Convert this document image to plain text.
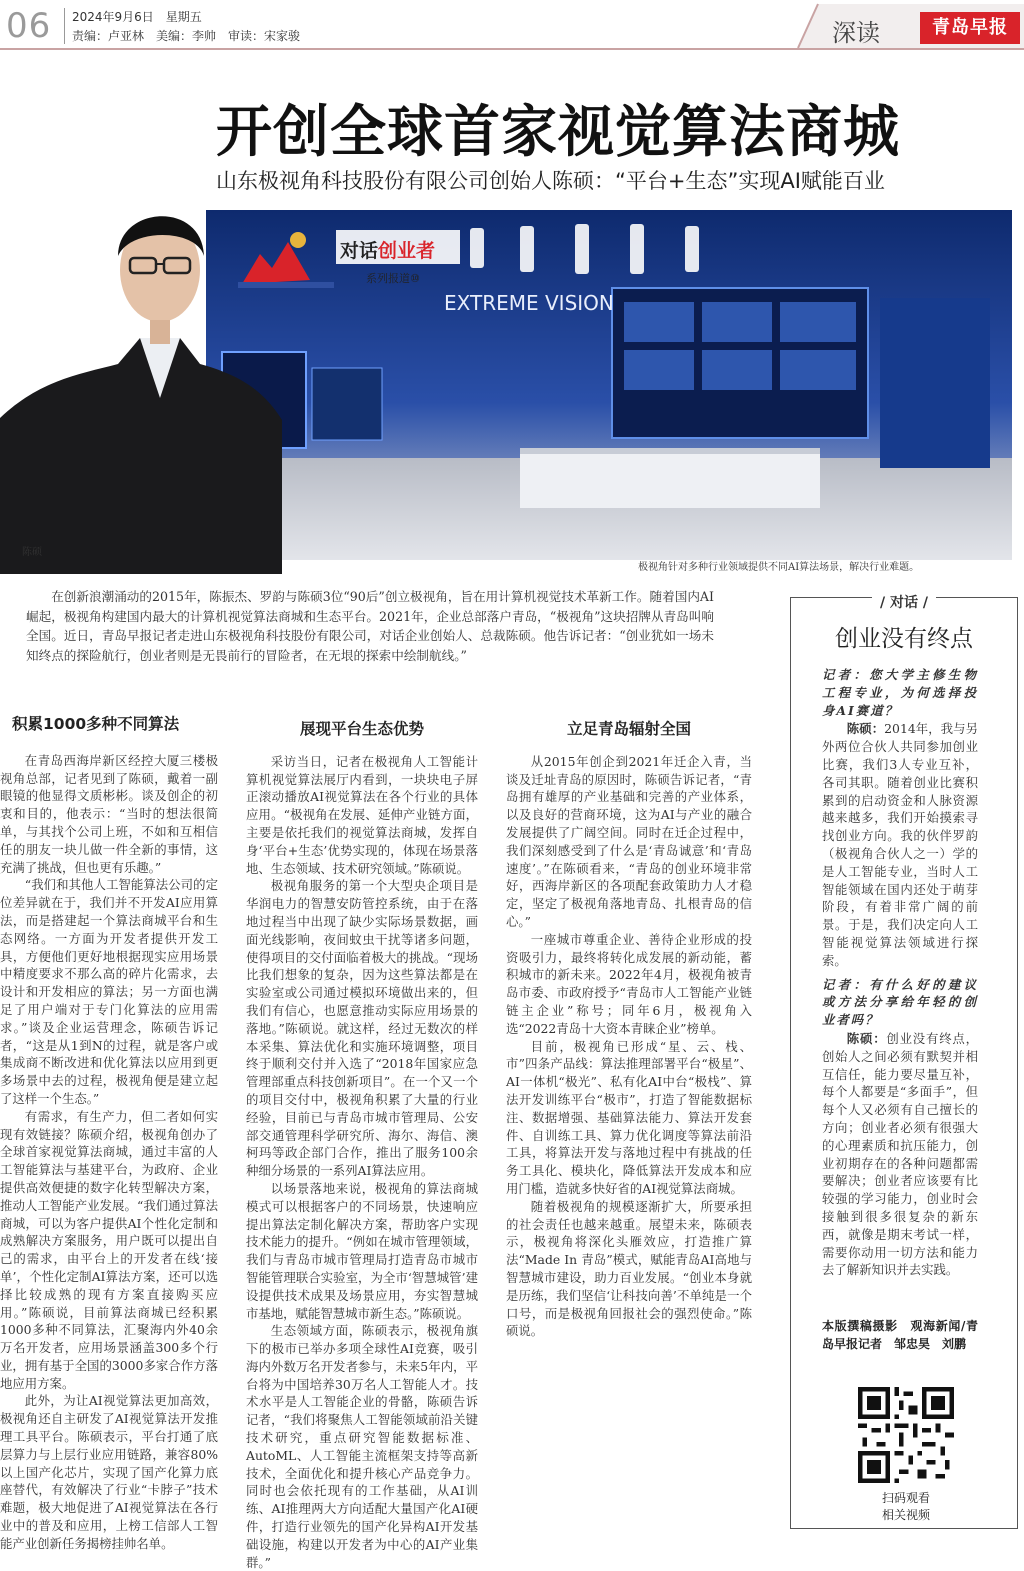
06 2024年9月6日　星期五
责编：卢亚林　美编：李帅　审读：宋家骏	深读	青岛早报
EXTREME VISION
陈硕
极视角针对多种行业领域提供不同AI算法场景，解决行业难题。
对话创业者
系列报道⑩
开创全球首家视觉算法商城
山东极视角科技股份有限公司创始人陈硕：“平台+生态”实现AI赋能百业

在创新浪潮涌动的2015年，陈振杰、罗韵与陈硕3位“90后”创立极视角，旨在用计算机视觉技术革新工作。随着国内AI崛起，极视角构建国内最大的计算机视觉算法商城和生态平台。2021年，企业总部落户青岛，“极视角”这块招牌从青岛叫响全国。近日，青岛早报记者走进山东极视角科技股份有限公司，对话企业创始人、总裁陈硕。他告诉记者：“创业犹如一场未知终点的探险航行，创业者则是无畏前行的冒险者，在无垠的探索中绘制航线。”

积累1000多种不同算法

在青岛西海岸新区经控大厦三楼极视角总部，记者见到了陈硕，戴着一副眼镜的他显得文质彬彬。谈及创企的初衷和目的，他表示：“当时的想法很简单，与其找个公司上班，不如和互相信任的朋友一块儿做一件全新的事情，这充满了挑战，但也更有乐趣。”

“我们和其他人工智能算法公司的定位差异就在于，我们并不开发AI应用算法，而是搭建起一个算法商城平台和生态网络。一方面为开发者提供开发工具，方便他们更好地根据现实应用场景中精度要求不那么高的碎片化需求，去设计和开发相应的算法；另一方面也满足了用户端对于专门化算法的应用需求。”谈及企业运营理念，陈硕告诉记者，“这是从1到N的过程，就是客户或集成商不断改进和优化算法以应用到更多场景中去的过程，极视角便是建立起了这样一个生态。”

有需求，有生产力，但二者如何实现有效链接？陈硕介绍，极视角创办了全球首家视觉算法商城，通过丰富的人工智能算法与基建平台，为政府、企业提供高效便捷的数字化转型解决方案，推动人工智能产业发展。“我们通过算法商城，可以为客户提供AI个性化定制和成熟解决方案服务，用户既可以提出自己的需求，由平台上的开发者在线‘接单’，个性化定制AI算法方案，还可以选择比较成熟的现有方案直接购买应用。”陈硕说，目前算法商城已经积累1000多种不同算法，汇聚海内外40余万名开发者，应用场景涵盖300多个行业，拥有基于全国的3000多家合作方落地应用方案。

此外，为让AI视觉算法更加高效，极视角还自主研发了AI视觉算法开发推理工具平台。陈硕表示，平台打通了底层算力与上层行业应用链路，兼容80%以上国产化芯片，实现了国产化算力底座替代，有效解决了行业“卡脖子”技术难题，极大地促进了AI视觉算法在各行业中的普及和应用，上榜工信部人工智能产业创新任务揭榜挂帅名单。

展现平台生态优势

采访当日，记者在极视角人工智能计算机视觉算法展厅内看到，一块块电子屏正滚动播放AI视觉算法在各个行业的具体应用。“极视角在发展、延伸产业链方面，主要是依托我们的视觉算法商城，发挥自身‘平台+生态’优势实现的，体现在场景落地、生态领域、技术研究领域。”陈硕说。

极视角服务的第一个大型央企项目是华润电力的智慧安防管控系统，由于在落地过程当中出现了缺少实际场景数据，画面光线影响，夜间蚊虫干扰等诸多问题，使得项目的交付面临着极大的挑战。“现场比我们想象的复杂，因为这些算法都是在实验室或公司通过模拟环境做出来的，但我们有信心，也愿意推动实际应用场景的落地。”陈硕说。就这样，经过无数次的样本采集、算法优化和实施环境调整，项目终于顺利交付并入选了“2018年国家应急管理部重点科技创新项目”。在一个又一个的项目交付中，极视角积累了大量的行业经验，目前已与青岛市城市管理局、公安部交通管理科学研究所、海尔、海信、澳柯玛等政企部门合作，推出了服务100余种细分场景的一系列AI算法应用。

以场景落地来说，极视角的算法商城模式可以根据客户的不同场景，快速响应提出算法定制化解决方案，帮助客户实现技术能力的提升。“例如在城市管理领域，我们与青岛市城市管理局打造青岛市城市智能管理联合实验室，为全市‘智慧城管’建设提供技术成果及场景应用，夯实智慧城市基地，赋能智慧城市新生态。”陈硕说。

生态领域方面，陈硕表示，极视角旗下的极市已举办多项全球性AI竞赛，吸引海内外数万名开发者参与，未来5年内，平台将为中国培养30万名人工智能人才。技术水平是人工智能企业的骨骼，陈硕告诉记者，“我们将聚焦人工智能领域前沿关键技术研究，重点研究智能数据标准、AutoML、人工智能主流框架支持等高新技术，全面优化和提升核心产品竞争力。同时也会依托现有的工作基础，从AI训练、AI推理两大方向适配大量国产化AI硬件，打造行业领先的国产化异构AI开发基础设施，构建以开发者为中心的AI产业集群。”

立足青岛辐射全国

从2015年创企到2021年迁企入青，当谈及迁址青岛的原因时，陈硕告诉记者，“青岛拥有雄厚的产业基础和完善的产业体系，以及良好的营商环境，这为AI与产业的融合发展提供了广阔空间。同时在迁企过程中，我们深刻感受到了什么是‘青岛诚意’和‘青岛速度’。”在陈硕看来，“青岛的创业环境非常好，西海岸新区的各项配套政策助力人才稳定，坚定了极视角落地青岛、扎根青岛的信心。”

一座城市尊重企业、善待企业形成的投资吸引力，最终将转化成发展的新动能，蓄积城市的新未来。2022年4月，极视角被青岛市委、市政府授予“青岛市人工智能产业链链主企业”称号；同年6月，极视角入选“2022青岛十大资本青睐企业”榜单。

目前，极视角已形成“星、云、栈、市”四条产品线：算法推理部署平台“极星”、AI一体机“极光”、私有化AI中台“极栈”、算法开发训练平台“极市”，打造了智能数据标注、数据增强、基础算法能力、算法开发套件、自训练工具、算力优化调度等算法前沿工具，将算法开发与落地过程中有挑战的任务工具化、模块化，降低算法开发成本和应用门槛，造就多快好省的AI视觉算法商城。

随着极视角的规模逐渐扩大，所要承担的社会责任也越来越重。展望未来，陈硕表示，极视角将深化头雁效应，打造推广算法“Made In 青岛”模式，赋能青岛AI高地与智慧城市建设，助力百业发展。“创业本身就是历练，我们坚信‘让科技向善’不单纯是一个口号，而是极视角回报社会的强烈使命。”陈硕说。

/ 对话 /
创业没有终点

记者：您大学主修生物工程专业，为何选择投身AI赛道？

陈硕：2014年，我与另外两位合伙人共同参加创业比赛，我们3人专业互补，各司其职。随着创业比赛积累到的启动资金和人脉资源越来越多，我们开始摸索寻找创业方向。我的伙伴罗韵（极视角合伙人之一）学的是人工智能专业，当时人工智能领域在国内还处于萌芽阶段，有着非常广阔的前景。于是，我们决定向人工智能视觉算法领域进行探索。

记者：有什么好的建议或方法分享给年轻的创业者吗？

陈硕：创业没有终点，创始人之间必须有默契并相互信任，能力要尽量互补，每个人都要是“多面手”，但每个人又必须有自己擅长的方向；创业者必须有很强大的心理素质和抗压能力，创业初期存在的各种问题都需要解决；创业者应该要有比较强的学习能力，创业时会接触到很多很复杂的新东西，就像是期末考试一样，需要你动用一切方法和能力去了解新知识并去实践。

本版撰稿摄影　观海新闻/青岛早报记者　邹忠昊　刘鹏
扫码观看
相关视频
